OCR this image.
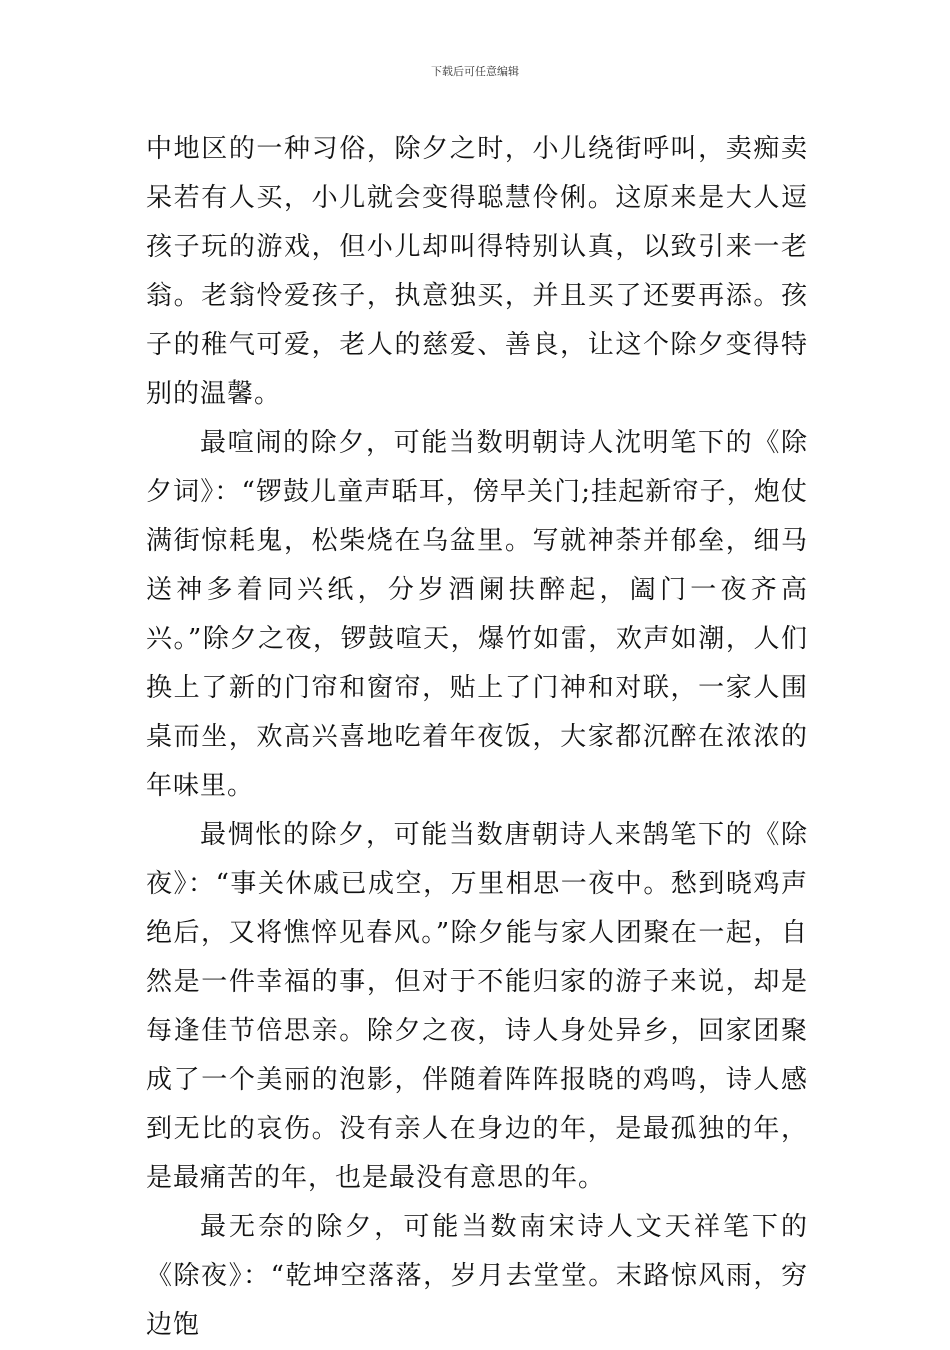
下载后可任意编辑

中地区的一种习俗，除夕之时，小儿绕街呼叫，卖痴卖呆若有人买，小儿就会变得聪慧伶俐。这原来是大人逗孩子玩的游戏，但小儿却叫得特别认真，以致引来一老翁。老翁怜爱孩子，执意独买，并且买了还要再添。孩子的稚气可爱，老人的慈爱、善良，让这个除夕变得特别的温馨。

最喧闹的除夕，可能当数明朝诗人沈明笔下的《除夕词》：“锣鼓儿童声聒耳，傍早关门;挂起新帘子，炮仗满街惊耗鬼，松柴烧在乌盆里。写就神荼并郁垒，细马送神多着同兴纸，分岁酒阑扶醉起，阖门一夜齐高兴。”除夕之夜，锣鼓喧天，爆竹如雷，欢声如潮，人们换上了新的门帘和窗帘，贴上了门神和对联，一家人围桌而坐，欢高兴喜地吃着年夜饭，大家都沉醉在浓浓的年味里。

最惆怅的除夕，可能当数唐朝诗人来鹄笔下的《除夜》：“事关休戚已成空，万里相思一夜中。愁到晓鸡声绝后，又将憔悴见春风。”除夕能与家人团聚在一起，自然是一件幸福的事，但对于不能归家的游子来说，却是每逢佳节倍思亲。除夕之夜，诗人身处异乡，回家团聚成了一个美丽的泡影，伴随着阵阵报晓的鸡鸣，诗人感到无比的哀伤。没有亲人在身边的年，是最孤独的年，是最痛苦的年，也是最没有意思的年。

最无奈的除夕，可能当数南宋诗人文天祥笔下的《除夜》：“乾坤空落落，岁月去堂堂。末路惊风雨，穷边饱
